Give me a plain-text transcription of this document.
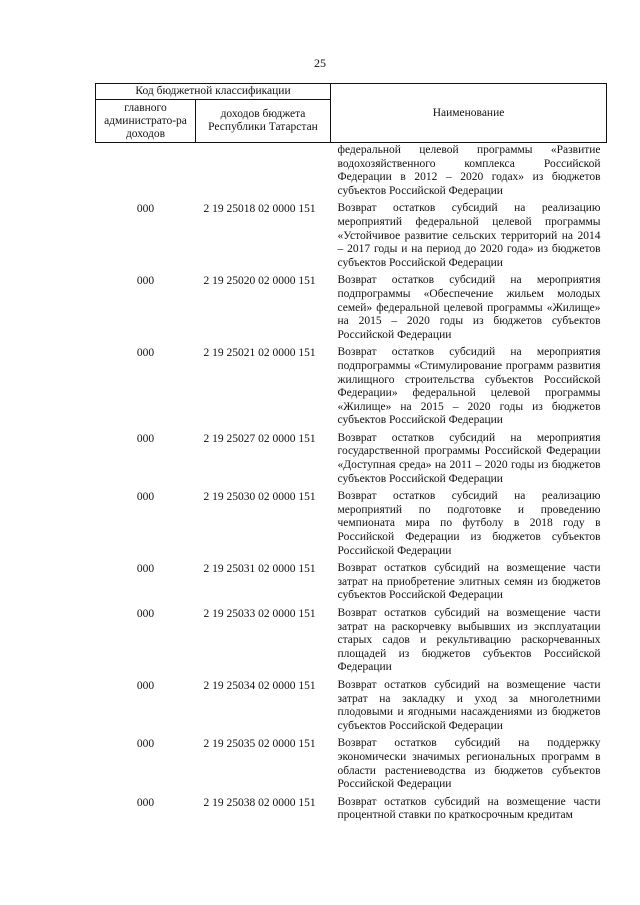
25
Код бюджетной классификации		Наименование
главного администрато-ра доходов	доходов бюджета Республики Татарстан	
		федеральной целевой программы «Развитие водохозяйственного комплекса Российской Федерации в 2012 – 2020 годах» из бюджетов субъектов Российской Федерации
000	2 19 25018 02 0000 151	Возврат остатков субсидий на реализацию мероприятий федеральной целевой программы «Устойчивое развитие сельских территорий на 2014 – 2017 годы и на период до 2020 года» из бюджетов субъектов Российской Федерации
000	2 19 25020 02 0000 151	Возврат остатков субсидий на мероприятия подпрограммы «Обеспечение жильем молодых семей» федеральной целевой программы «Жилище» на 2015 – 2020 годы из бюджетов субъектов Российской Федерации
000	2 19 25021 02 0000 151	Возврат остатков субсидий на мероприятия подпрограммы «Стимулирование программ развития жилищного строительства субъектов Российской Федерации» федеральной целевой программы «Жилище» на 2015 – 2020 годы из бюджетов субъектов Российской Федерации
000	2 19 25027 02 0000 151	Возврат остатков субсидий на мероприятия государственной программы Российской Федерации «Доступная среда» на 2011 – 2020 годы из бюджетов субъектов Российской Федерации
000	2 19 25030 02 0000 151	Возврат остатков субсидий на реализацию мероприятий по подготовке и проведению чемпионата мира по футболу в 2018 году в Российской Федерации из бюджетов субъектов Российской Федерации
000	2 19 25031 02 0000 151	Возврат остатков субсидий на возмещение части затрат на приобретение элитных семян из бюджетов субъектов Российской Федерации
000	2 19 25033 02 0000 151	Возврат остатков субсидий на возмещение части затрат на раскорчевку выбывших из эксплуатации старых садов и рекультивацию раскорчеванных площадей из бюджетов субъектов Российской Федерации
000	2 19 25034 02 0000 151	Возврат остатков субсидий на возмещение части затрат на закладку и уход за многолетними плодовыми и ягодными насаждениями из бюджетов субъектов Российской Федерации
000	2 19 25035 02 0000 151	Возврат остатков субсидий на поддержку экономически значимых региональных программ в области растениеводства из бюджетов субъектов Российской Федерации
000	2 19 25038 02 0000 151	Возврат остатков субсидий на возмещение части процентной ставки по краткосрочным кредитам
